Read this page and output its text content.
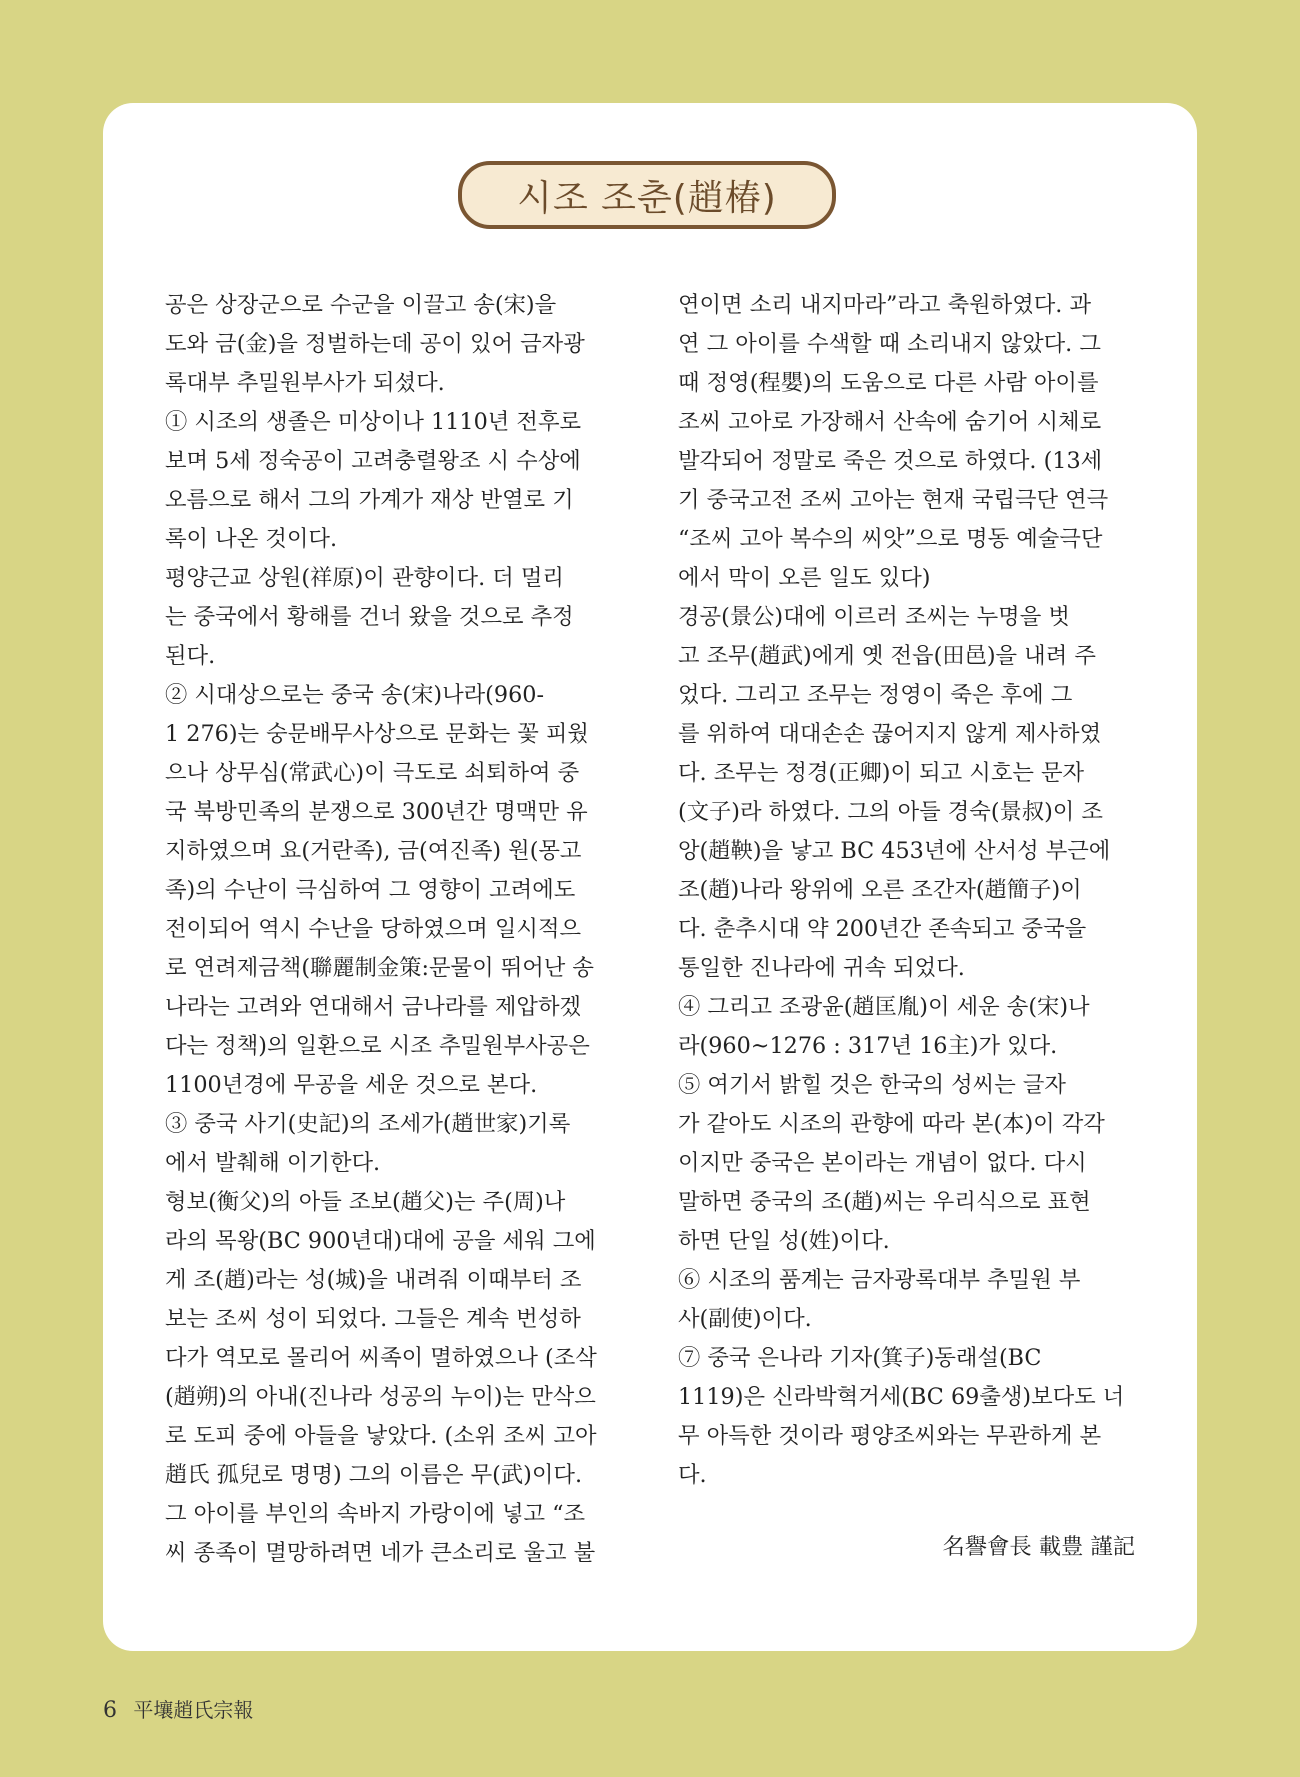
시조 조춘(趙椿)
공은 상장군으로 수군을 이끌고 송(宋)을
도와 금(金)을 정벌하는데 공이 있어 금자광
록대부 추밀원부사가 되셨다.
① 시조의 생졸은 미상이나 1110년 전후로
보며 5세 정숙공이 고려충렬왕조 시 수상에
오름으로 해서 그의 가계가 재상 반열로 기
록이 나온 것이다.
평양근교 상원(祥原)이 관향이다. 더 멀리
는 중국에서 황해를 건너 왔을 것으로 추정
된다.
② 시대상으로는 중국 송(宋)나라(960-
1 276)는 숭문배무사상으로 문화는 꽃 피웠
으나 상무심(常武心)이 극도로 쇠퇴하여 중
국 북방민족의 분쟁으로 300년간 명맥만 유
지하였으며 요(거란족), 금(여진족) 원(몽고
족)의 수난이 극심하여 그 영향이 고려에도
전이되어 역시 수난을 당하였으며 일시적으
로 연려제금책(聯麗制金策:문물이 뛰어난 송
나라는 고려와 연대해서 금나라를 제압하겠
다는 정책)의 일환으로 시조 추밀원부사공은
1100년경에 무공을 세운 것으로 본다.
③ 중국 사기(史記)의 조세가(趙世家)기록
에서 발췌해 이기한다.
형보(衡父)의 아들 조보(趙父)는 주(周)나
라의 목왕(BC 900년대)대에 공을 세워 그에
게 조(趙)라는 성(城)을 내려줘 이때부터 조
보는 조씨 성이 되었다. 그들은 계속 번성하
다가 역모로 몰리어 씨족이 멸하였으나 (조삭
(趙朔)의 아내(진나라 성공의 누이)는 만삭으
로 도피 중에 아들을 낳았다. (소위 조씨 고아
趙氏 孤兒로 명명) 그의 이름은 무(武)이다.
그 아이를 부인의 속바지 가랑이에 넣고 “조
씨 종족이 멸망하려면 네가 큰소리로 울고 불
연이면 소리 내지마라”라고 축원하였다. 과
연 그 아이를 수색할 때 소리내지 않았다. 그
때 정영(程嬰)의 도움으로 다른 사람 아이를
조씨 고아로 가장해서 산속에 숨기어 시체로
발각되어 정말로 죽은 것으로 하였다. (13세
기 중국고전 조씨 고아는 현재 국립극단 연극
“조씨 고아 복수의 씨앗”으로 명동 예술극단
에서 막이 오른 일도 있다)
경공(景公)대에 이르러 조씨는 누명을 벗
고 조무(趙武)에게 옛 전읍(田邑)을 내려 주
었다. 그리고 조무는 정영이 죽은 후에 그
를 위하여 대대손손 끊어지지 않게 제사하였
다. 조무는 정경(正卿)이 되고 시호는 문자
(文子)라 하였다. 그의 아들 경숙(景叔)이 조
앙(趙鞅)을 낳고 BC 453년에 산서성 부근에
조(趙)나라 왕위에 오른 조간자(趙簡子)이
다. 춘추시대 약 200년간 존속되고 중국을
통일한 진나라에 귀속 되었다.
④ 그리고 조광윤(趙匡胤)이 세운 송(宋)나
라(960~1276 : 317년 16主)가 있다.
⑤ 여기서 밝힐 것은 한국의 성씨는 글자
가 같아도 시조의 관향에 따라 본(本)이 각각
이지만 중국은 본이라는 개념이 없다. 다시
말하면 중국의 조(趙)씨는 우리식으로 표현
하면 단일 성(姓)이다.
⑥ 시조의 품계는 금자광록대부 추밀원 부
사(副使)이다.
⑦ 중국 은나라 기자(箕子)동래설(BC
1119)은 신라박혁거세(BC 69출생)보다도 너
무 아득한 것이라 평양조씨와는 무관하게 본
다.
名譽會長 載豊 謹記
6 平壤趙氏宗報
